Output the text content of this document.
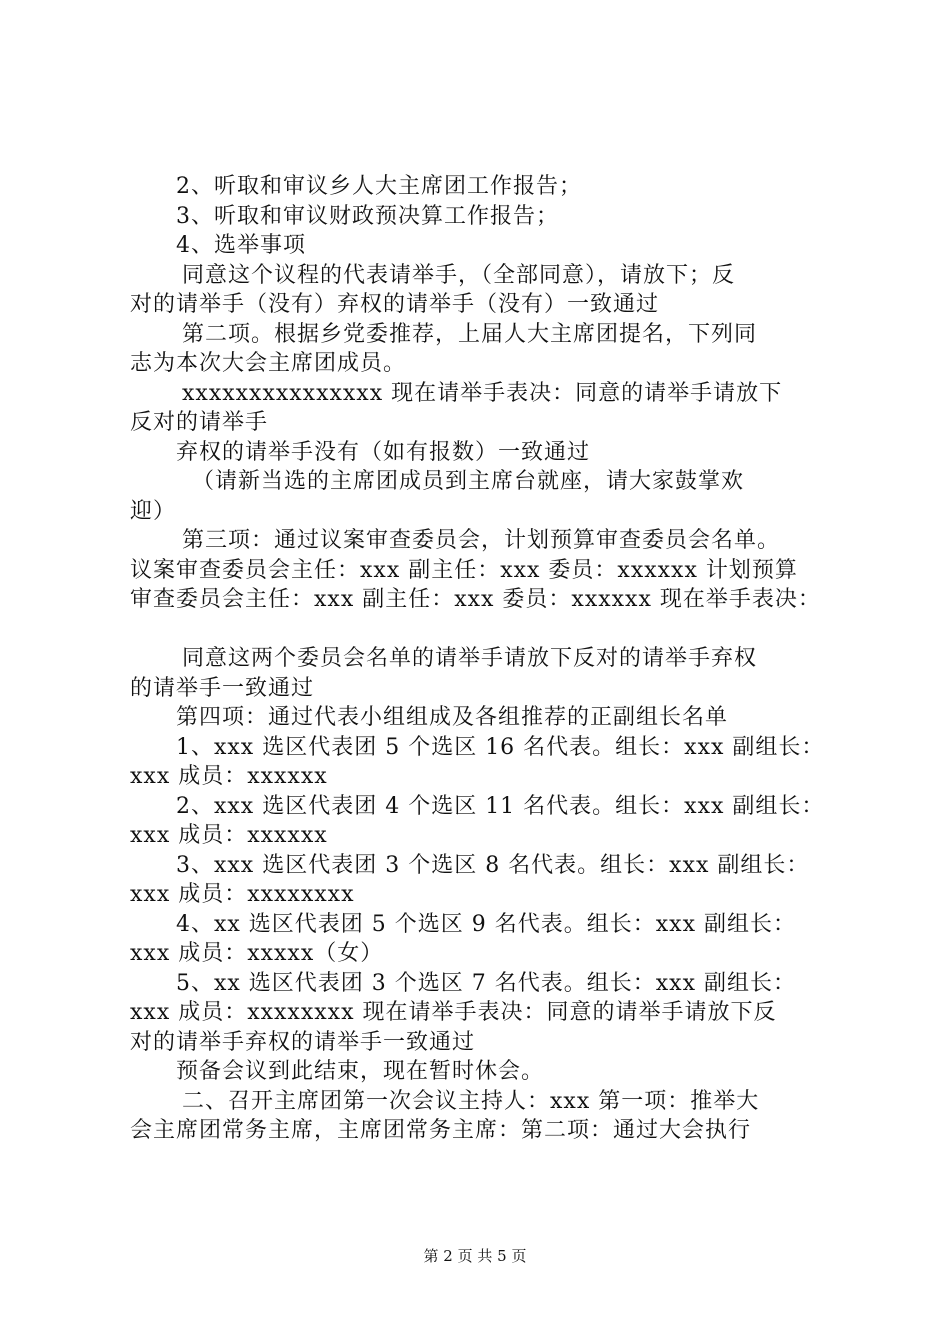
2、听取和审议乡人大主席团工作报告；
3、听取和审议财政预决算工作报告；
4、选举事项
同意这个议程的代表请举手，（全部同意），请放下；反
对的请举手（没有）弃权的请举手（没有）一致通过
第二项。根据乡党委推荐，上届人大主席团提名，下列同
志为本次大会主席团成员。
xxxxxxxxxxxxxxx 现在请举手表决：同意的请举手请放下
反对的请举手
弃权的请举手没有（如有报数）一致通过
（请新当选的主席团成员到主席台就座，请大家鼓掌欢
迎）
第三项：通过议案审查委员会，计划预算审查委员会名单。
议案审查委员会主任：xxx 副主任：xxx 委员：xxxxxx 计划预算
审查委员会主任：xxx 副主任：xxx 委员：xxxxxx 现在举手表决：
同意这两个委员会名单的请举手请放下反对的请举手弃权
的请举手一致通过
第四项：通过代表小组组成及各组推荐的正副组长名单
1、xxx 选区代表团 5 个选区 16 名代表。组长：xxx 副组长：
xxx 成员：xxxxxx
2、xxx 选区代表团 4 个选区 11 名代表。组长：xxx 副组长：
xxx 成员：xxxxxx
3、xxx 选区代表团 3 个选区 8 名代表。组长：xxx 副组长：
xxx 成员：xxxxxxxx
4、xx 选区代表团 5 个选区 9 名代表。组长：xxx 副组长：
xxx 成员：xxxxx（女）
5、xx 选区代表团 3 个选区 7 名代表。组长：xxx 副组长：
xxx 成员：xxxxxxxx 现在请举手表决：同意的请举手请放下反
对的请举手弃权的请举手一致通过
预备会议到此结束，现在暂时休会。
二、召开主席团第一次会议主持人：xxx 第一项：推举大
会主席团常务主席，主席团常务主席：第二项：通过大会执行
第 2 页 共 5 页
